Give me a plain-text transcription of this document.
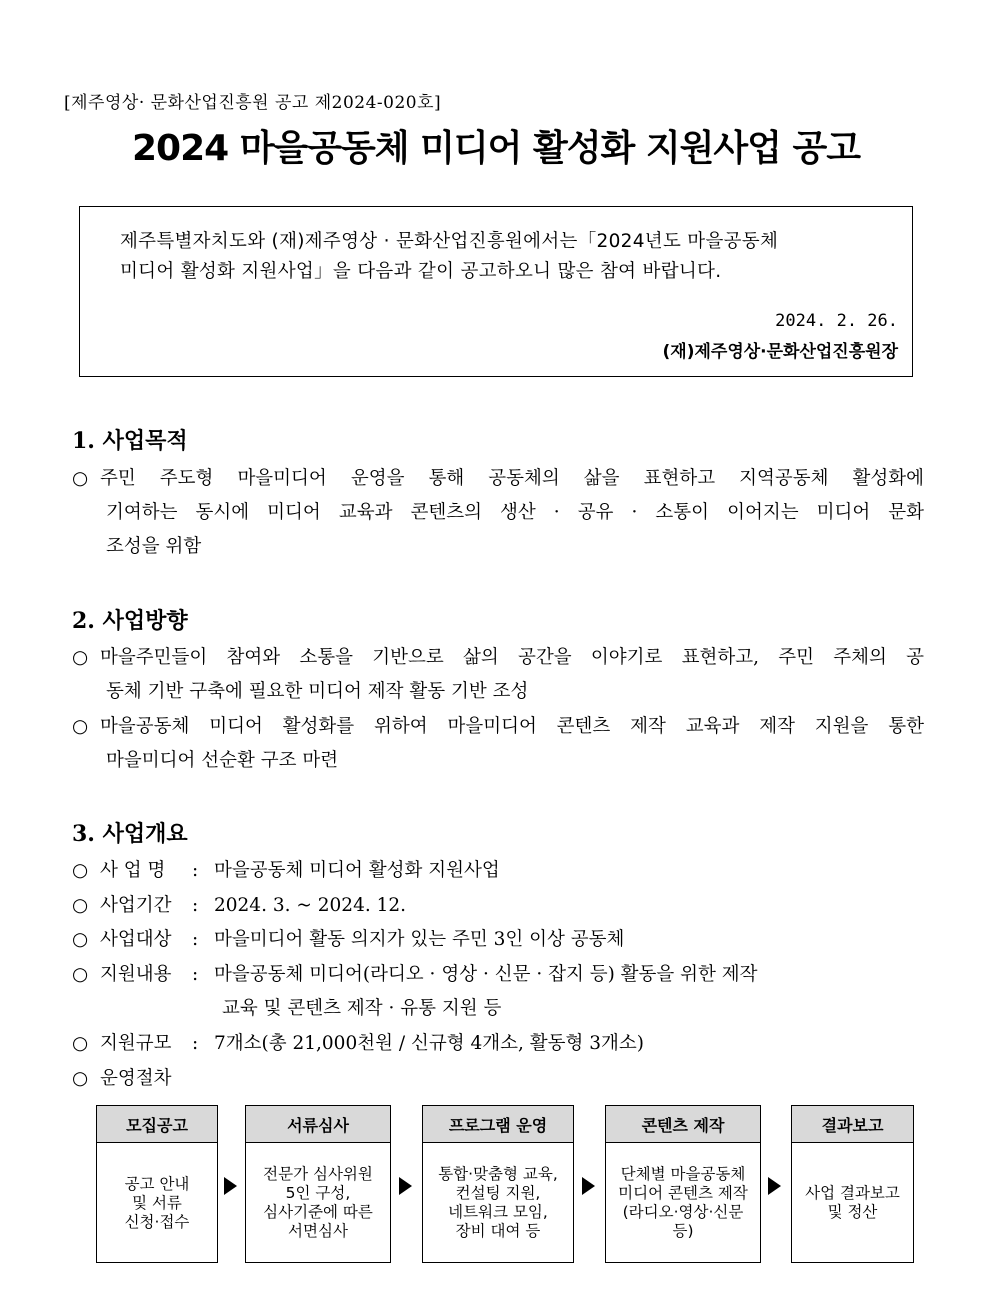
[제주영상· 문화산업진흥원 공고 제2024-020호]
2024 마을공동체 미디어 활성화 지원사업 공고
제주특별자치도와 (재)제주영상 · 문화산업진흥원에서는「2024년도 마을공동체
미디어 활성화 지원사업」을 다음과 같이 공고하오니 많은 참여 바랍니다.
2024. 2. 26.
(재)제주영상·문화산업진흥원장
1. 사업목적
○ 주민 주도형 마을미디어 운영을 통해 공동체의 삶을 표현하고 지역공동체 활성화에
기여하는 동시에 미디어 교육과 콘텐츠의 생산 · 공유 · 소통이 이어지는 미디어 문화
조성을 위함
2. 사업방향
○ 마을주민들이 참여와 소통을 기반으로 삶의 공간을 이야기로 표현하고, 주민 주체의 공
동체 기반 구축에 필요한 미디어 제작 활동 기반 조성
○ 마을공동체 미디어 활성화를 위하여 마을미디어 콘텐츠 제작 교육과 제작 지원을 통한
마을미디어 선순환 구조 마련
3. 사업개요
○ 사 업 명 : 마을공동체 미디어 활성화 지원사업
○ 사업기간 : 2024. 3. ~ 2024. 12.
○ 사업대상 : 마을미디어 활동 의지가 있는 주민 3인 이상 공동체
○ 지원내용 : 마을공동체 미디어(라디오 · 영상 · 신문 · 잡지 등) 활동을 위한 제작
교육 및 콘텐츠 제작 · 유통 지원 등
○ 지원규모 : 7개소(총 21,000천원 / 신규형 4개소, 활동형 3개소)
○ 운영절차
모집공고
공고 안내
및 서류
신청·접수
서류심사
전문가 심사위원
5인 구성,
심사기준에 따른
서면심사
프로그램 운영
통합·맞춤형 교육,
컨설팅 지원,
네트워크 모임,
장비 대여 등
콘텐츠 제작
단체별 마을공동체
미디어 콘텐츠 제작
(라디오·영상·신문
등)
결과보고
사업 결과보고
및 정산
